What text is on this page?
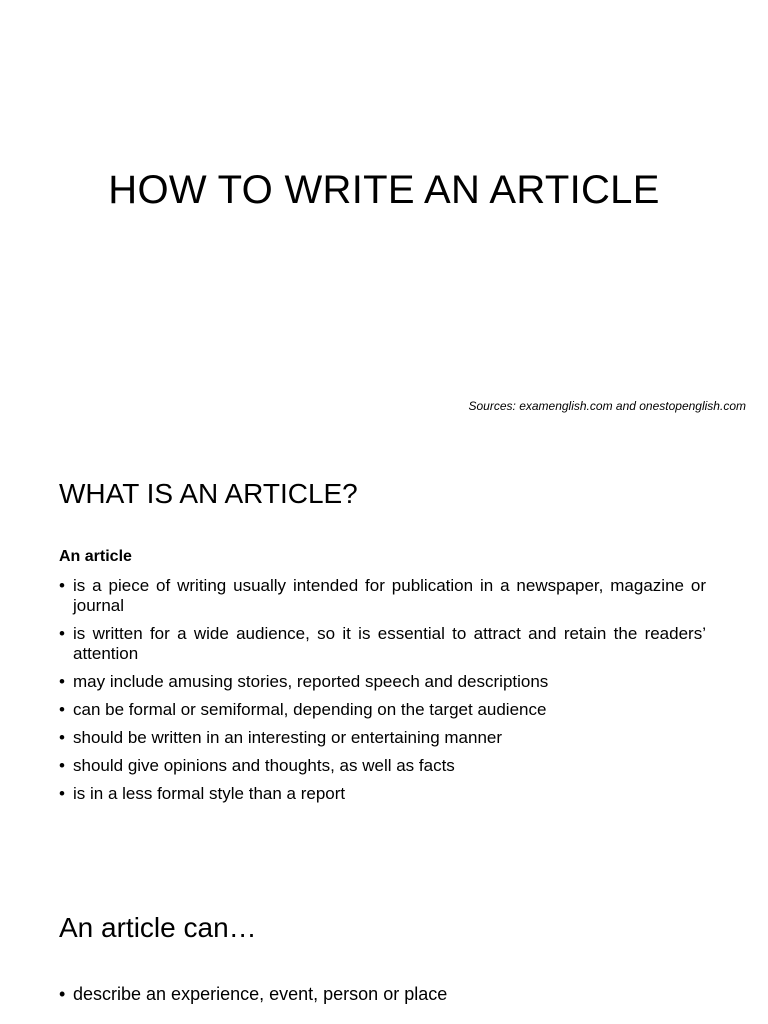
HOW TO WRITE AN ARTICLE
Sources: examenglish.com and onestopenglish.com
WHAT IS AN ARTICLE?
An article
• is a piece of writing usually intended for publication in a newspaper, magazine or journal
• is written for a wide audience, so it is essential to attract and retain the readers’ attention
• may include amusing stories, reported speech and descriptions
• can be formal or semiformal, depending on the target audience
• should be written in an interesting or entertaining manner
• should give opinions and thoughts, as well as facts
• is in a less formal style than a report
An article can…
• describe an experience, event, person or place
